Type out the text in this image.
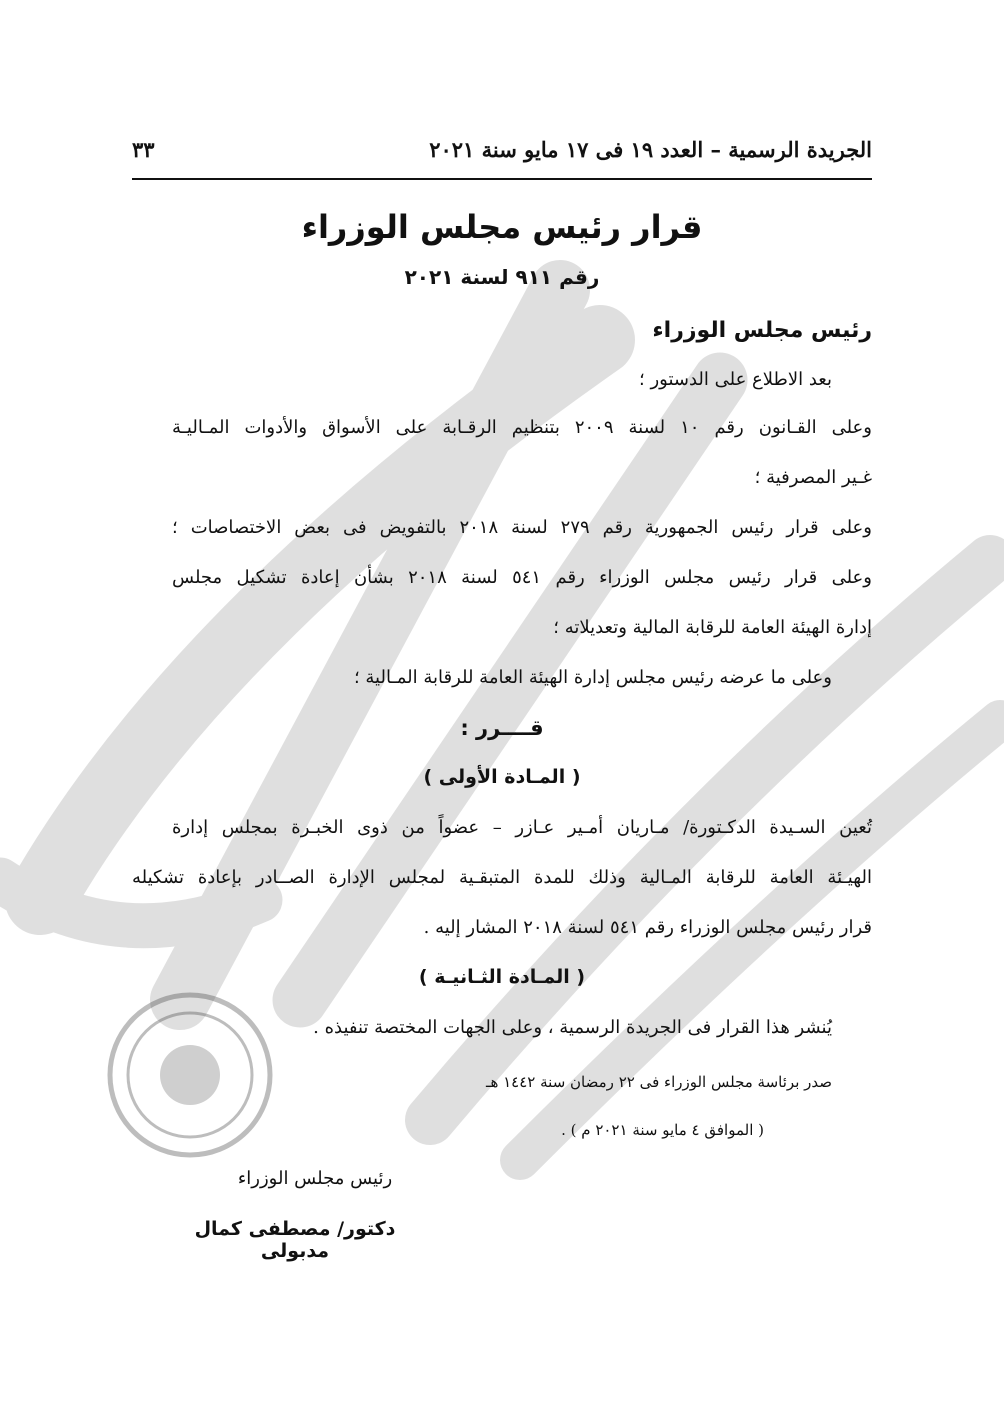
الجريدة الرسمية – العدد ١٩ فى ١٧ مايو سنة ٢٠٢١
٣٣
قرار رئيس مجلس الوزراء
رقم ٩١١ لسنة ٢٠٢١
رئيس مجلس الوزراء
بعد الاطلاع على الدستور ؛
وعلى القـانون رقم ١٠ لسنة ٢٠٠٩ بتنظيم الرقـابة على الأسواق والأدوات المـاليـة
غـير المصرفية ؛
وعلى قرار رئيس الجمهورية رقم ٢٧٩ لسنة ٢٠١٨ بالتفويض فى بعض الاختصاصات ؛
وعلى قرار رئيس مجلس الوزراء رقم ٥٤١ لسنة ٢٠١٨ بشأن إعادة تشكيل مجلس
إدارة الهيئة العامة للرقابة المالية وتعديلاته ؛
وعلى ما عرضه رئيس مجلس إدارة الهيئة العامة للرقابة المـالية ؛
قــــرر :
( المـادة الأولى )
تُعين السـيدة الدكـتورة/ مـاريان أمـير عـازر – عضواً من ذوى الخبـرة بمجلس إدارة
الهيـئة العامة للرقابة المـالية وذلك للمدة المتبقـية لمجلس الإدارة الصــادر بإعادة تشكيله
قرار رئيس مجلس الوزراء رقم ٥٤١ لسنة ٢٠١٨ المشار إليه .
( المـادة الثـانيـة )
يُنشر هذا القرار فى الجريدة الرسمية ، وعلى الجهات المختصة تنفيذه .
صدر برئاسة مجلس الوزراء فى ٢٢ رمضان سنة ١٤٤٢ هـ
( الموافق ٤ مايو سنة ٢٠٢١ م ) .
رئيس مجلس الوزراء
دكتور/ مصطفى كمال مدبولى
